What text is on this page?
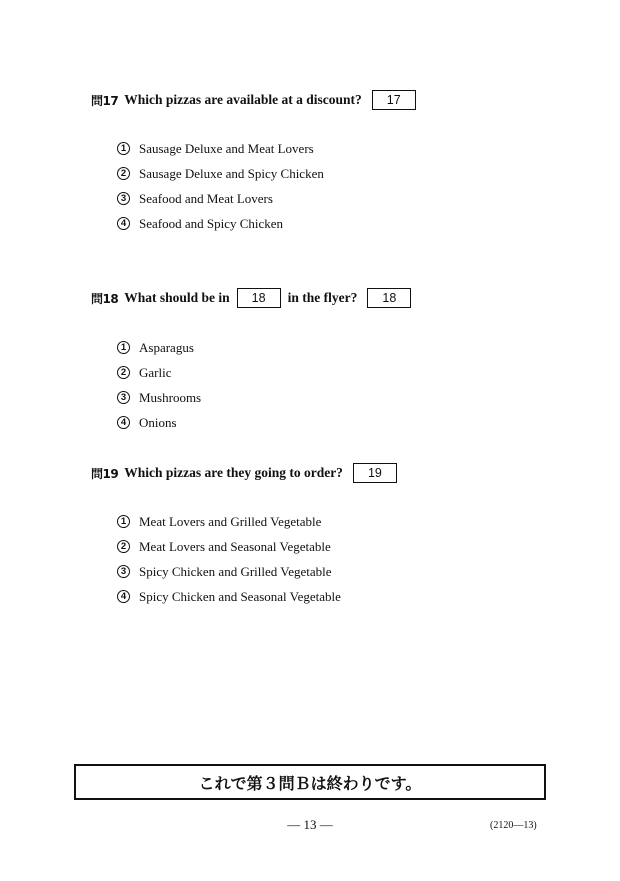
問17 Which pizzas are available at a discount?	17
1 Sausage Deluxe and Meat Lovers
2 Sausage Deluxe and Spicy Chicken
3 Seafood and Meat Lovers
4 Seafood and Spicy Chicken
問18 What should be in	18	in the flyer?	18
1 Asparagus
2 Garlic
3 Mushrooms
4 Onions
問19 Which pizzas are they going to order?	19
1 Meat Lovers and Grilled Vegetable
2 Meat Lovers and Seasonal Vegetable
3 Spicy Chicken and Grilled Vegetable
4 Spicy Chicken and Seasonal Vegetable
これで第３問Ｂは終わりです。
— 13 —	(2120—13)
